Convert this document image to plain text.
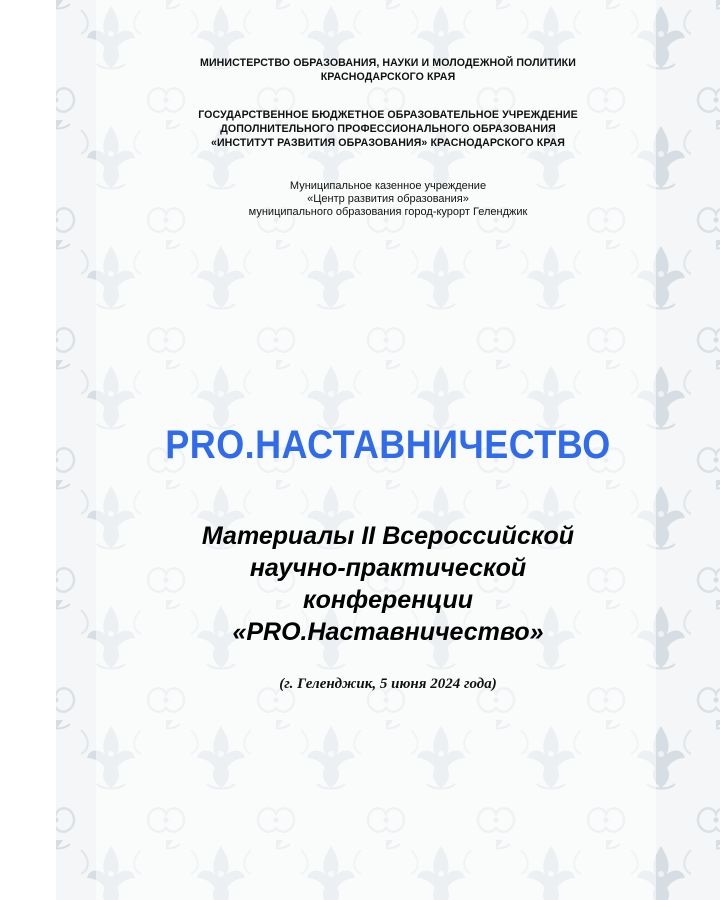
МИНИСТЕРСТВО ОБРАЗОВАНИЯ, НАУКИ И МОЛОДЕЖНОЙ ПОЛИТИКИ
КРАСНОДАРСКОГО КРАЯ
ГОСУДАРСТВЕННОЕ БЮДЖЕТНОЕ ОБРАЗОВАТЕЛЬНОЕ УЧРЕЖДЕНИЕ
ДОПОЛНИТЕЛЬНОГО ПРОФЕССИОНАЛЬНОГО ОБРАЗОВАНИЯ
«ИНСТИТУТ РАЗВИТИЯ ОБРАЗОВАНИЯ» КРАСНОДАРСКОГО КРАЯ
Муниципальное казенное учреждение
«Центр развития образования»
муниципального образования город-курорт Геленджик
PRO.НАСТАВНИЧЕСТВО
Материалы II Всероссийской
научно-практической
конференции
«PRO.Наставничество»
(г. Геленджик, 5 июня 2024 года)
